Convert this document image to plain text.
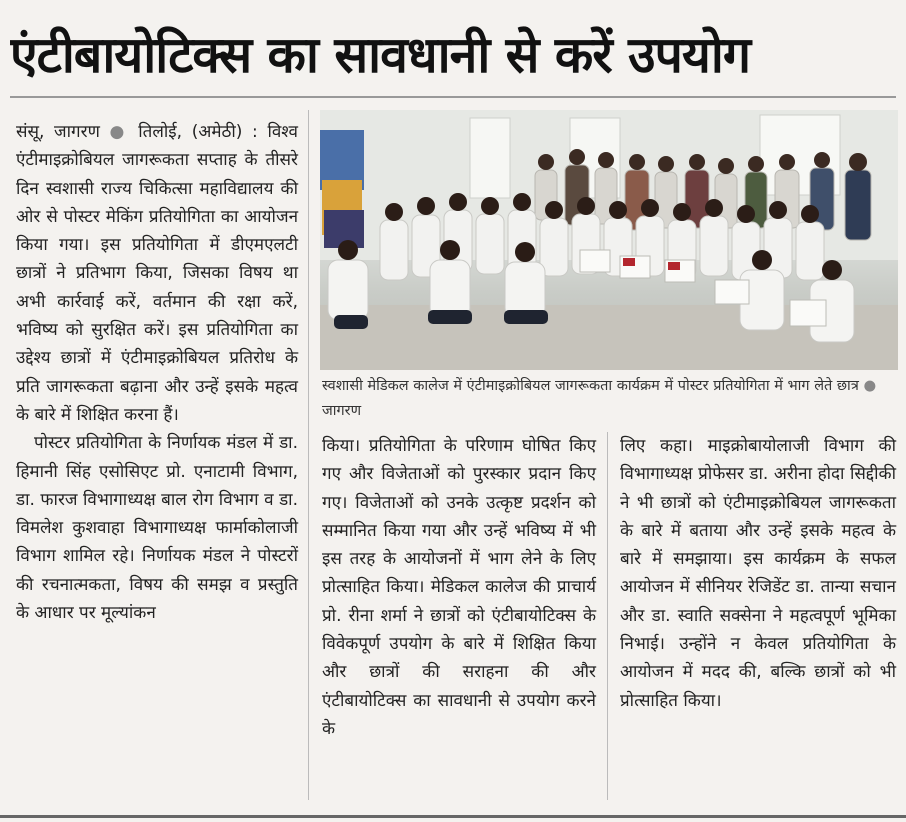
एंटीबायोटिक्स का सावधानी से करें उपयोग

संसू, जागरण ● तिलोई, (अमेठी) : विश्व एंटीमाइक्रोबियल जागरूकता सप्ताह के तीसरे दिन स्वशासी राज्य चिकित्सा महाविद्यालय की ओर से पोस्टर मेकिंग प्रतियोगिता का आयोजन किया गया। इस प्रतियोगिता में डीएमएलटी छात्रों ने प्रतिभाग किया, जिसका विषय था अभी कार्रवाई करें, वर्तमान की रक्षा करें, भविष्य को सुरक्षित करें। इस प्रतियोगिता का उद्देश्य छात्रों में एंटीमाइक्रोबियल प्रतिरोध के प्रति जागरूकता बढ़ाना और उन्हें इसके महत्व के बारे में शिक्षित करना हैं।

पोस्टर प्रतियोगिता के निर्णायक मंडल में डा. हिमानी सिंह एसोसिएट प्रो. एनाटामी विभाग, डा. फारज विभागाध्यक्ष बाल रोग विभाग व डा. विमलेश कुशवाहा विभागाध्यक्ष फार्माकोलाजी विभाग शामिल रहे। निर्णायक मंडल ने पोस्टरों की रचनात्मकता, विषय की समझ व प्रस्तुति के आधार पर मूल्यांकन

स्वशासी मेडिकल कालेज में एंटीमाइक्रोबियल जागरूकता कार्यक्रम में पोस्टर प्रतियोगिता में भाग लेते छात्र ● जागरण

किया। प्रतियोगिता के परिणाम घोषित किए गए और विजेताओं को पुरस्कार प्रदान किए गए। विजेताओं को उनके उत्कृष्ट प्रदर्शन को सम्मानित किया गया और उन्हें भविष्य में भी इस तरह के आयोजनों में भाग लेने के लिए प्रोत्साहित किया। मेडिकल कालेज की प्राचार्य प्रो. रीना शर्मा ने छात्रों को एंटीबायोटिक्स के विवेकपूर्ण उपयोग के बारे में शिक्षित किया और छात्रों की सराहना की और एंटीबायोटिक्स का सावधानी से उपयोग करने के

लिए कहा। माइक्रोबायोलाजी विभाग की विभागाध्यक्ष प्रोफेसर डा. अरीना होदा सिद्दीकी ने भी छात्रों को एंटीमाइक्रोबियल जागरूकता के बारे में बताया और उन्हें इसके महत्व के बारे में समझाया। इस कार्यक्रम के सफल आयोजन में सीनियर रेजिडेंट डा. तान्या सचान और डा. स्वाति सक्सेना ने महत्वपूर्ण भूमिका निभाई। उन्होंने न केवल प्रतियोगिता के आयोजन में मदद की, बल्कि छात्रों को भी प्रोत्साहित किया।
